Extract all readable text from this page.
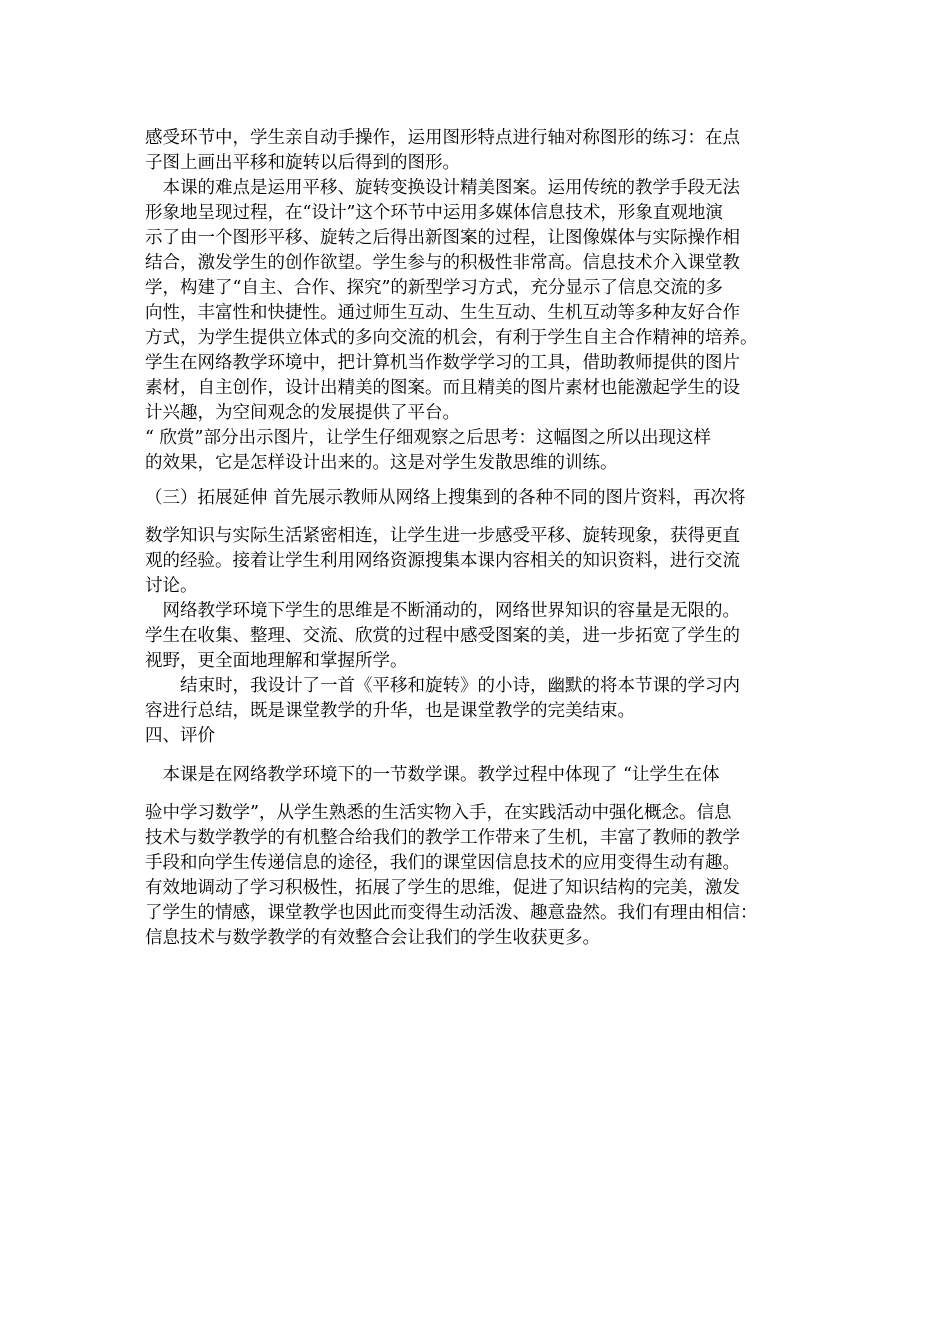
感受环节中，学生亲自动手操作，运用图形特点进行轴对称图形的练习：在点

子图上画出平移和旋转以后得到的图形。

　本课的难点是运用平移、旋转变换设计精美图案。运用传统的教学手段无法

形象地呈现过程，在“设计”这个环节中运用多媒体信息技术，形象直观地演

示了由一个图形平移、旋转之后得出新图案的过程，让图像媒体与实际操作相

结合，激发学生的创作欲望。学生参与的积极性非常高。信息技术介入课堂教

学，构建了“自主、合作、探究”的新型学习方式，充分显示了信息交流的多

向性，丰富性和快捷性。通过师生互动、生生互动、生机互动等多种友好合作

方式，为学生提供立体式的多向交流的机会，有利于学生自主合作精神的培养。

学生在网络教学环境中，把计算机当作数学学习的工具，借助教师提供的图片

素材，自主创作，设计出精美的图案。而且精美的图片素材也能激起学生的设

计兴趣，为空间观念的发展提供了平台。

“ 欣赏”部分出示图片，让学生仔细观察之后思考：这幅图之所以出现这样

的效果，它是怎样设计出来的。这是对学生发散思维的训练。

（三）拓展延伸 首先展示教师从网络上搜集到的各种不同的图片资料，再次将

数学知识与实际生活紧密相连，让学生进一步感受平移、旋转现象，获得更直

观的经验。接着让学生利用网络资源搜集本课内容相关的知识资料，进行交流

讨论。

　网络教学环境下学生的思维是不断涌动的，网络世界知识的容量是无限的。

学生在收集、整理、交流、欣赏的过程中感受图案的美，进一步拓宽了学生的

视野，更全面地理解和掌握所学。

　　结束时，我设计了一首《平移和旋转》的小诗，幽默的将本节课的学习内

容进行总结，既是课堂教学的升华，也是课堂教学的完美结束。

四、评价

　本课是在网络教学环境下的一节数学课。教学过程中体现了 “让学生在体

验中学习数学”，从学生熟悉的生活实物入手，在实践活动中强化概念。信息

技术与数学教学的有机整合给我们的教学工作带来了生机，丰富了教师的教学

手段和向学生传递信息的途径，我们的课堂因信息技术的应用变得生动有趣。

有效地调动了学习积极性，拓展了学生的思维，促进了知识结构的完美，激发

了学生的情感，课堂教学也因此而变得生动活泼、趣意盎然。我们有理由相信：

信息技术与数学教学的有效整合会让我们的学生收获更多。
